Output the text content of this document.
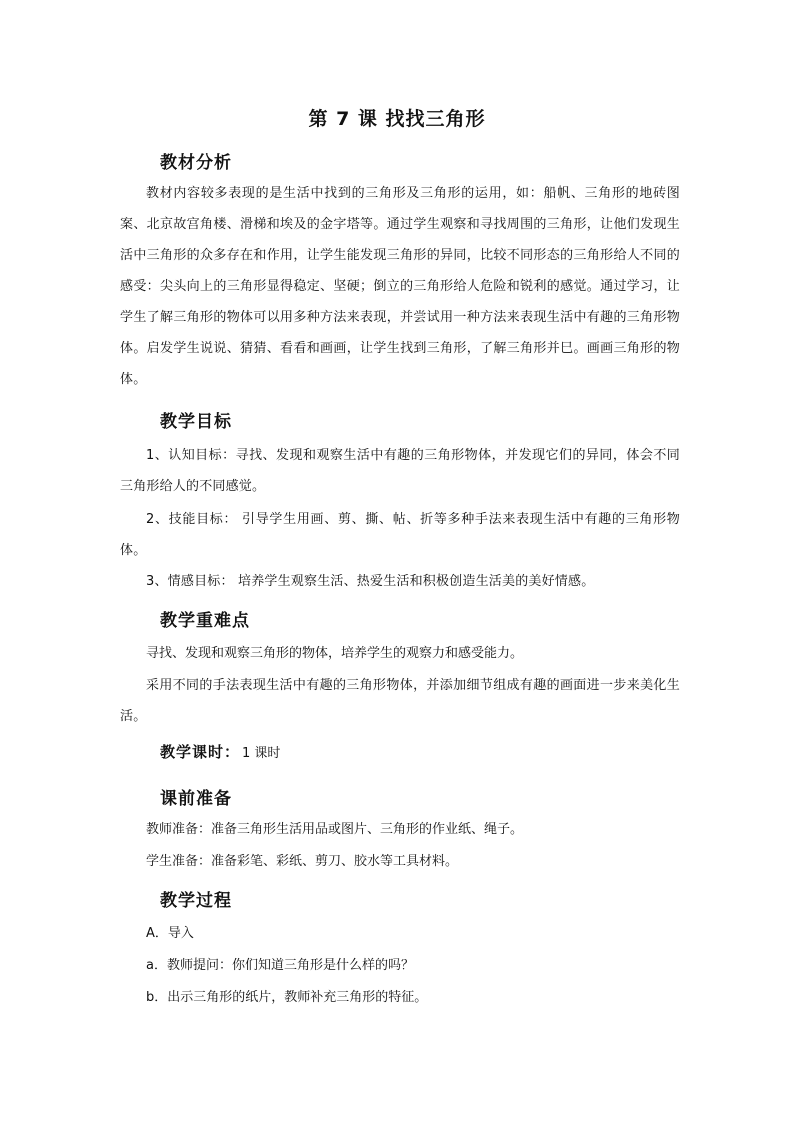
第 7 课 找找三角形
教材分析

教材内容较多表现的是生活中找到的三角形及三角形的运用，如：船帆、三角形的地砖图案、北京故宫角楼、滑梯和埃及的金字塔等。通过学生观察和寻找周围的三角形，让他们发现生活中三角形的众多存在和作用，让学生能发现三角形的异同，比较不同形态的三角形给人不同的感受：尖头向上的三角形显得稳定、坚硬；倒立的三角形给人危险和锐利的感觉。通过学习，让学生了解三角形的物体可以用多种方法来表现，并尝试用一种方法来表现生活中有趣的三角形物体。启发学生说说、猜猜、看看和画画，让学生找到三角形，了解三角形并巳。画画三角形的物体。

教学目标

1、认知目标：寻找、发现和观察生活中有趣的三角形物体，并发现它们的异同，体会不同三角形给人的不同感觉。

2、技能目标： 引导学生用画、剪、撕、帖、折等多种手法来表现生活中有趣的三角形物体。

3、情感目标： 培养学生观察生活、热爱生活和积极创造生活美的美好情感。

教学重难点
寻找、发现和观察三角形的物体，培养学生的观察力和感受能力。

采用不同的手法表现生活中有趣的三角形物体，并添加细节组成有趣的画面进一步来美化生活。

教学课时： 1 课时
课前准备
教师准备：准备三角形生活用品或图片、三角形的作业纸、绳子。
学生准备：准备彩笔、彩纸、剪刀、胶水等工具材料。
教学过程
A．导入
a．教师提问：你们知道三角形是什么样的吗？
b．出示三角形的纸片，教师补充三角形的特征。
